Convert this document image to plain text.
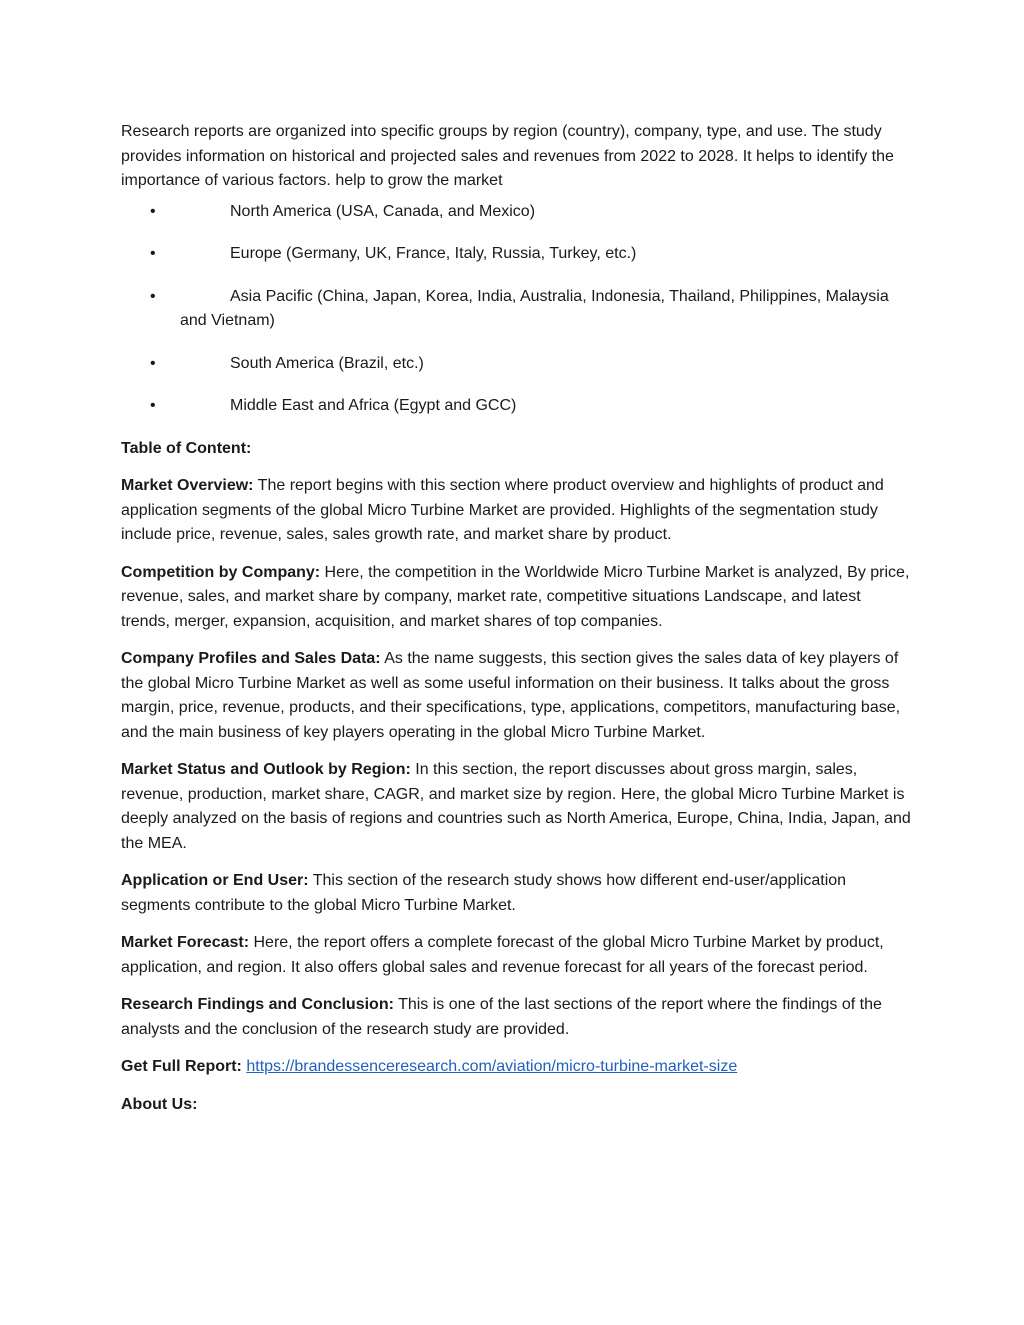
Research reports are organized into specific groups by region (country), company, type, and use. The study provides information on historical and projected sales and revenues from 2022 to 2028. It helps to identify the importance of various factors. help to grow the market

•	North America (USA, Canada, and Mexico)
•	Europe (Germany, UK, France, Italy, Russia, Turkey, etc.)
•	Asia Pacific (China, Japan, Korea, India, Australia, Indonesia, Thailand, Philippines, Malaysia and Vietnam)
•	South America (Brazil, etc.)
•	Middle East and Africa (Egypt and GCC)

Table of Content:

Market Overview: The report begins with this section where product overview and highlights of product and application segments of the global Micro Turbine Market are provided. Highlights of the segmentation study include price, revenue, sales, sales growth rate, and market share by product.

Competition by Company: Here, the competition in the Worldwide Micro Turbine Market is analyzed, By price, revenue, sales, and market share by company, market rate, competitive situations Landscape, and latest trends, merger, expansion, acquisition, and market shares of top companies.

Company Profiles and Sales Data: As the name suggests, this section gives the sales data of key players of the global Micro Turbine Market as well as some useful information on their business. It talks about the gross margin, price, revenue, products, and their specifications, type, applications, competitors, manufacturing base, and the main business of key players operating in the global Micro Turbine Market.

Market Status and Outlook by Region: In this section, the report discusses about gross margin, sales, revenue, production, market share, CAGR, and market size by region. Here, the global Micro Turbine Market is deeply analyzed on the basis of regions and countries such as North America, Europe, China, India, Japan, and the MEA.

Application or End User: This section of the research study shows how different end-user/application segments contribute to the global Micro Turbine Market.

Market Forecast: Here, the report offers a complete forecast of the global Micro Turbine Market by product, application, and region. It also offers global sales and revenue forecast for all years of the forecast period.

Research Findings and Conclusion: This is one of the last sections of the report where the findings of the analysts and the conclusion of the research study are provided.

Get Full Report: https://brandessenceresearch.com/aviation/micro-turbine-market-size

About Us:
